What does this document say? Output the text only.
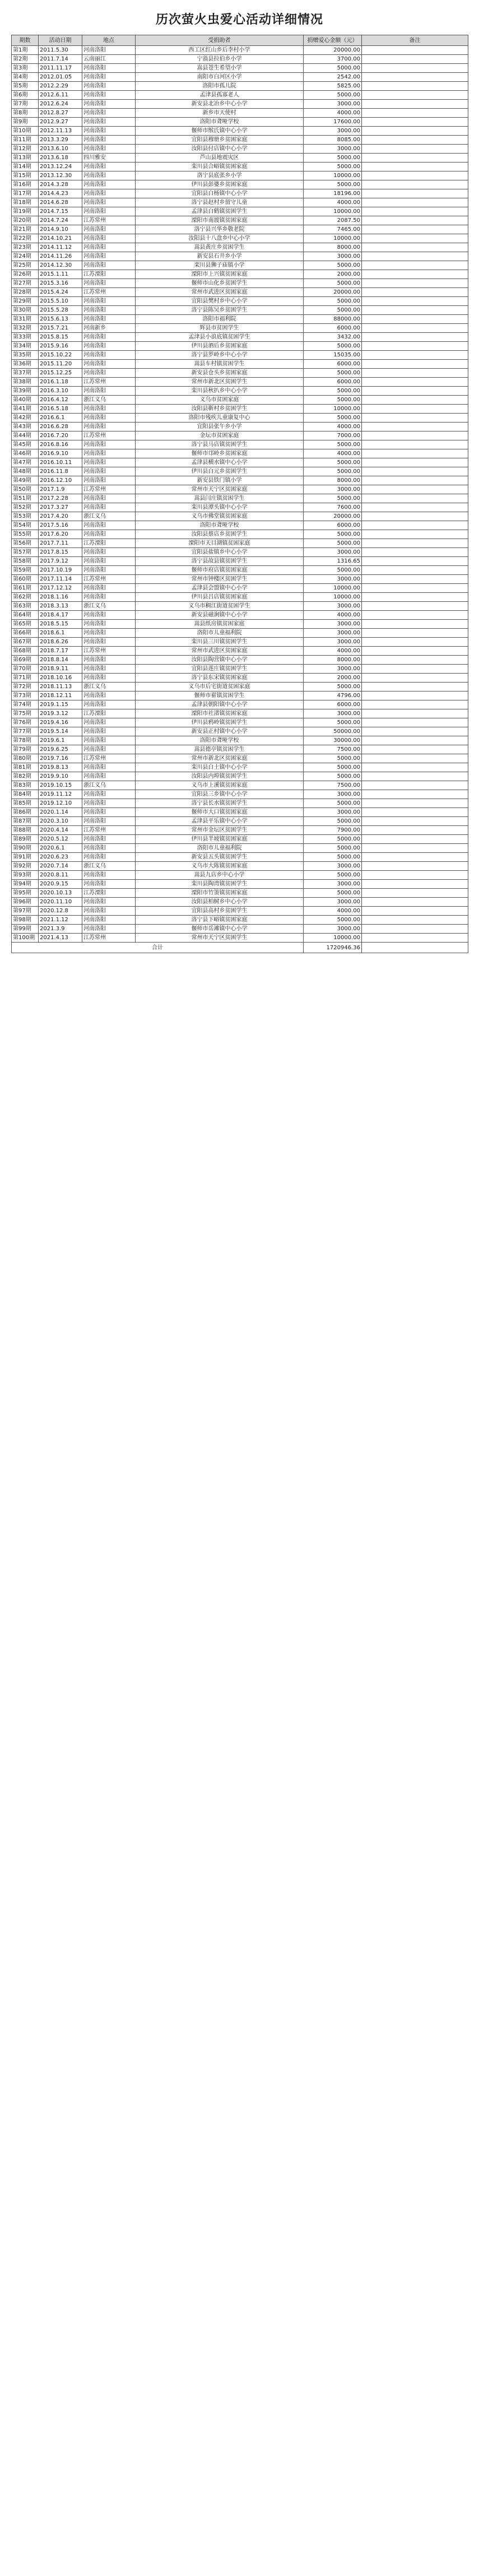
历次萤火虫爱心活动详细情况
期数	活动日期	地点	受捐助者	捐赠爱心金额（元）	备注
第1期	2011.5.30	河南洛阳	西工区红山乡后李村小学	20000.00	
第2期	2011.7.14	云南丽江	宁蒗县拉伯乡小学	3700.00	
第3期	2011.11.17	河南洛阳	嵩县苍生希望小学	5000.00	
第4期	2012.01.05	河南洛阳	南阳市白河区小学	2542.00	
第5期	2012.2.29	河南洛阳	洛阳市孤儿院	5825.00	
第6期	2012.6.11	河南洛阳	孟津县孤寡老人	5000.00	
第7期	2012.6.24	河南洛阳	新安县北冶乡中心小学	3000.00	
第8期	2012.8.27	河南洛阳	新乡市天使村	4000.00	
第9期	2012.9.27	河南洛阳	洛阳市聋哑学校	17600.00	
第10期	2012.11.13	河南洛阳	偃师市缑氏镇中心小学	3000.00	
第11期	2013.3.29	河南洛阳	宜阳县穆册乡贫困家庭	8085.00	
第12期	2013.6.10	河南洛阳	汝阳县付店镇中心小学	3000.00	
第13期	2013.6.18	四川雅安	芦山县地震灾区	5000.00	
第14期	2013.12.24	河南洛阳	栾川县合峪镇贫困家庭	5000.00	
第15期	2013.12.30	河南洛阳	洛宁县底张乡小学	10000.00	
第16期	2014.3.28	河南洛阳	伊川县彭婆乡贫困家庭	5000.00	
第17期	2014.4.23	河南洛阳	宜阳县白杨镇中心小学	18196.00	
第18期	2014.6.28	河南洛阳	洛宁县赵村乡留守儿童	4000.00	
第19期	2014.7.15	河南洛阳	孟津县白鹤镇贫困学生	10000.00	
第20期	2014.7.24	江苏常州	溧阳市南渡镇贫困家庭	2087.50	
第21期	2014.9.10	河南洛阳	洛宁县兴华乡敬老院	7465.00	
第22期	2014.10.21	河南洛阳	汝阳县十八盘乡中心小学	10000.00	
第23期	2014.11.12	河南洛阳	嵩县黄庄乡贫困学生	8000.00	
第24期	2014.11.26	河南洛阳	新安县石井乡小学	3000.00	
第25期	2014.12.30	河南洛阳	栾川县狮子庙镇小学	5000.00	
第26期	2015.1.11	江苏溧阳	溧阳市上兴镇贫困家庭	2000.00	
第27期	2015.3.16	河南洛阳	偃师市山化乡贫困学生	5000.00	
第28期	2015.4.24	江苏常州	常州市武进区贫困家庭	20000.00	
第29期	2015.5.10	河南洛阳	宜阳县樊村乡中心小学	5000.00	
第30期	2015.5.28	河南洛阳	洛宁县陈吴乡贫困学生	5000.00	
第31期	2015.6.13	河南洛阳	洛阳市福利院	88000.00	
第32期	2015.7.21	河南新乡	辉县市贫困学生	6000.00	
第33期	2015.8.15	河南洛阳	孟津县小浪底镇贫困学生	3432.00	
第34期	2015.9.16	河南洛阳	伊川县酒后乡贫困家庭	5000.00	
第35期	2015.10.22	河南洛阳	洛宁县罗岭乡中心小学	15035.00	
第36期	2015.11.20	河南洛阳	嵩县车村镇贫困学生	6000.00	
第37期	2015.12.25	河南洛阳	新安县仓头乡贫困家庭	5000.00	
第38期	2016.1.18	江苏常州	常州市新北区贫困学生	6000.00	
第39期	2016.3.10	河南洛阳	栾川县秋扒乡中心小学	5000.00	
第40期	2016.4.12	浙江义乌	义乌市贫困家庭	5000.00	
第41期	2016.5.18	河南洛阳	汝阳县靳村乡贫困学生	10000.00	
第42期	2016.6.1	河南洛阳	洛阳市残疾儿童康复中心	5000.00	
第43期	2016.6.28	河南洛阳	宜阳县张午乡小学	4000.00	
第44期	2016.7.20	江苏常州	金坛市贫困家庭	7000.00	
第45期	2016.8.16	河南洛阳	洛宁县马店镇贫困学生	5000.00	
第46期	2016.9.10	河南洛阳	偃师市邙岭乡贫困家庭	4000.00	
第47期	2016.10.11	河南洛阳	孟津县横水镇中心小学	5000.00	
第48期	2016.11.8	河南洛阳	伊川县白元乡贫困学生	5000.00	
第49期	2016.12.10	河南洛阳	新安县铁门镇小学	8000.00	
第50期	2017.1.9	江苏常州	常州市天宁区贫困家庭	3000.00	
第51期	2017.2.28	河南洛阳	嵩县闫庄镇贫困学生	5000.00	
第52期	2017.3.27	河南洛阳	栾川县潭头镇中心小学	7600.00	
第53期	2017.4.20	浙江义乌	义乌市佛堂镇贫困家庭	20000.00	
第54期	2017.5.16	河南洛阳	洛阳市聋哑学校	6000.00	
第55期	2017.6.20	河南洛阳	汝阳县蔡店乡贫困学生	5000.00	
第56期	2017.7.11	江苏溧阳	溧阳市天目湖镇贫困家庭	5000.00	
第57期	2017.8.15	河南洛阳	宜阳县盐镇乡中心小学	3000.00	
第58期	2017.9.12	河南洛阳	洛宁县故县镇贫困学生	1316.65	
第59期	2017.10.19	河南洛阳	偃师市府店镇贫困家庭	5000.00	
第60期	2017.11.14	江苏常州	常州市钟楼区贫困学生	3000.00	
第61期	2017.12.12	河南洛阳	孟津县会盟镇中心小学	10000.00	
第62期	2018.1.16	河南洛阳	伊川县吕店镇贫困家庭	10000.00	
第63期	2018.3.13	浙江义乌	义乌市稠江街道贫困学生	3000.00	
第64期	2018.4.17	河南洛阳	新安县磁涧镇中心小学	4000.00	
第65期	2018.5.15	河南洛阳	嵩县纸房镇贫困家庭	3000.00	
第66期	2018.6.1	河南洛阳	洛阳市儿童福利院	3000.00	
第67期	2018.6.26	河南洛阳	栾川县三川镇贫困学生	3000.00	
第68期	2018.7.17	江苏常州	常州市武进区贫困家庭	4000.00	
第69期	2018.8.14	河南洛阳	汝阳县陶营镇中心小学	8000.00	
第70期	2018.9.11	河南洛阳	宜阳县莲庄镇贫困学生	3000.00	
第71期	2018.10.16	河南洛阳	洛宁县东宋镇贫困家庭	2000.00	
第72期	2018.11.13	浙江义乌	义乌市后宅街道贫困家庭	5000.00	
第73期	2018.12.11	河南洛阳	偃师市翟镇贫困学生	4796.00	
第74期	2019.1.15	河南洛阳	孟津县朝阳镇中心小学	6000.00	
第75期	2019.3.12	江苏溧阳	溧阳市社渚镇贫困家庭	3000.00	
第76期	2019.4.16	河南洛阳	伊川县鸦岭镇贫困学生	5000.00	
第77期	2019.5.14	河南洛阳	新安县正村镇中心小学	50000.00	
第78期	2019.6.1	河南洛阳	洛阳市聋哑学校	30000.00	
第79期	2019.6.25	河南洛阳	嵩县德亭镇贫困学生	7500.00	
第80期	2019.7.16	江苏常州	常州市新北区贫困家庭	5000.00	
第81期	2019.8.13	河南洛阳	栾川县白土镇中心小学	5000.00	
第82期	2019.9.10	河南洛阳	汝阳县内埠镇贫困学生	5000.00	
第83期	2019.10.15	浙江义乌	义乌市上溪镇贫困家庭	7500.00	
第84期	2019.11.12	河南洛阳	宜阳县三乡镇中心小学	3000.00	
第85期	2019.12.10	河南洛阳	洛宁县长水镇贫困学生	5000.00	
第86期	2020.1.14	河南洛阳	偃师市大口镇贫困家庭	3000.00	
第87期	2020.3.10	河南洛阳	孟津县平乐镇中心小学	5000.00	
第88期	2020.4.14	江苏常州	常州市金坛区贫困学生	7900.00	
第89期	2020.5.12	河南洛阳	伊川县半坡镇贫困家庭	5000.00	
第90期	2020.6.1	河南洛阳	洛阳市儿童福利院	5000.00	
第91期	2020.6.23	河南洛阳	新安县五头镇贫困学生	5000.00	
第92期	2020.7.14	浙江义乌	义乌市大陈镇贫困家庭	3000.00	
第93期	2020.8.11	河南洛阳	嵩县九店乡中心小学	5000.00	
第94期	2020.9.15	河南洛阳	栾川县陶湾镇贫困学生	3000.00	
第95期	2020.10.13	江苏溧阳	溧阳市竹箦镇贫困家庭	5000.00	
第96期	2020.11.10	河南洛阳	汝阳县柏树乡中心小学	3000.00	
第97期	2020.12.8	河南洛阳	宜阳县高村乡贫困学生	4000.00	
第98期	2021.1.12	河南洛阳	洛宁县下峪镇贫困家庭	5000.00	
第99期	2021.3.9	河南洛阳	偃师市岳滩镇中心小学	3000.00	
第100期	2021.4.13	江苏常州	常州市天宁区贫困学生	10000.00	
合计				1720946.36	
